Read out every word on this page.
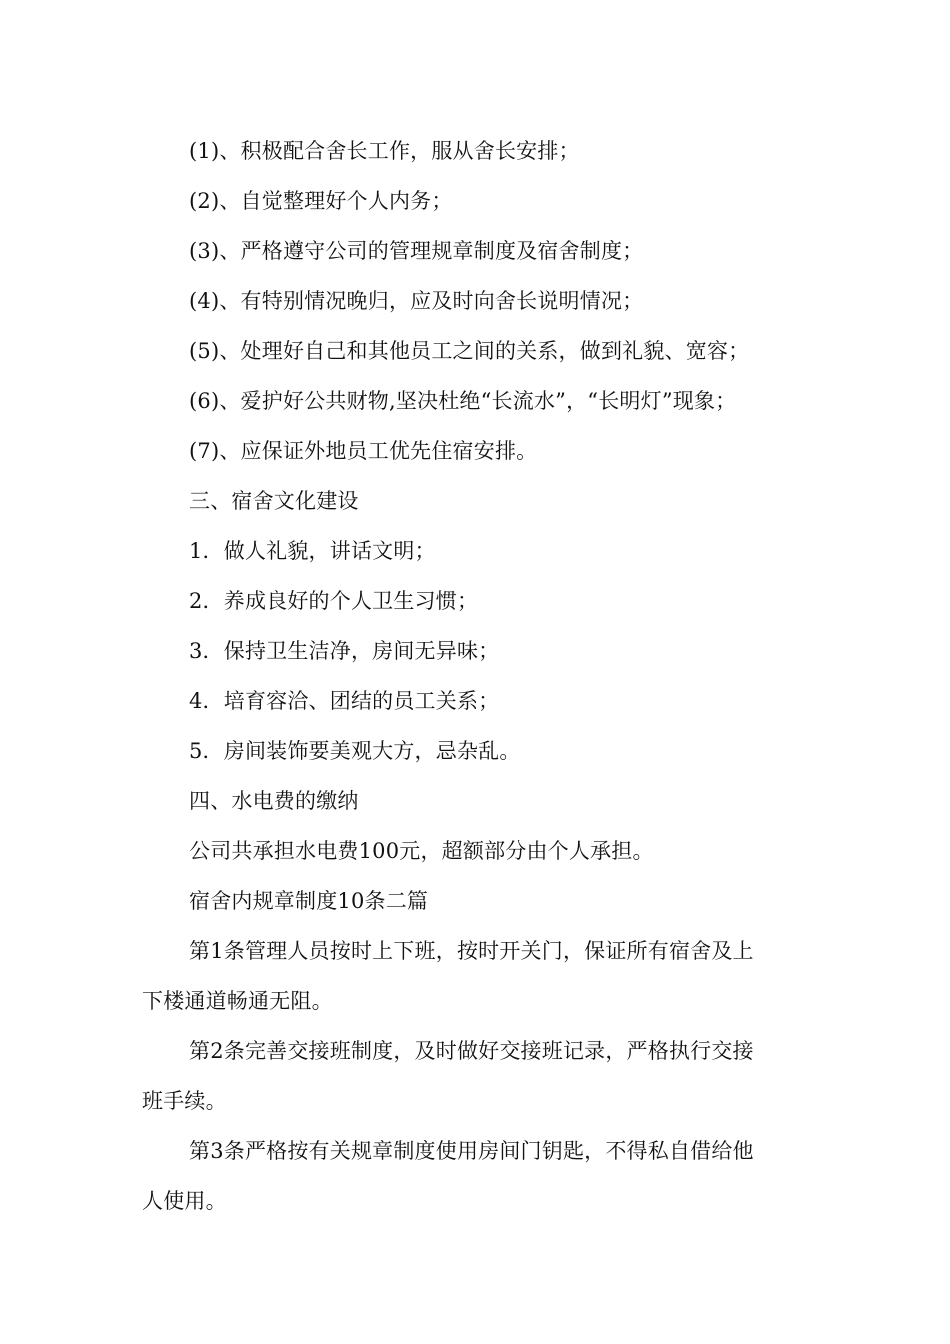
(1)、积极配合舍长工作，服从舍长安排；
(2)、自觉整理好个人内务；
(3)、严格遵守公司的管理规章制度及宿舍制度；
(4)、有特别情况晚归，应及时向舍长说明情况；
(5)、处理好自己和其他员工之间的关系，做到礼貌、宽容；
(6)、爱护好公共财物,坚决杜绝“长流水”，“长明灯”现象；
(7)、应保证外地员工优先住宿安排。
三、宿舍文化建设
1．做人礼貌，讲话文明；
2．养成良好的个人卫生习惯；
3．保持卫生洁净，房间无异味；
4．培育容洽、团结的员工关系；
5．房间装饰要美观大方，忌杂乱。
四、水电费的缴纳
公司共承担水电费100元，超额部分由个人承担。
宿舍内规章制度10条二篇
第1条管理人员按时上下班，按时开关门，保证所有宿舍及上
下楼通道畅通无阻。
第2条完善交接班制度，及时做好交接班记录，严格执行交接
班手续。
第3条严格按有关规章制度使用房间门钥匙，不得私自借给他
人使用。
